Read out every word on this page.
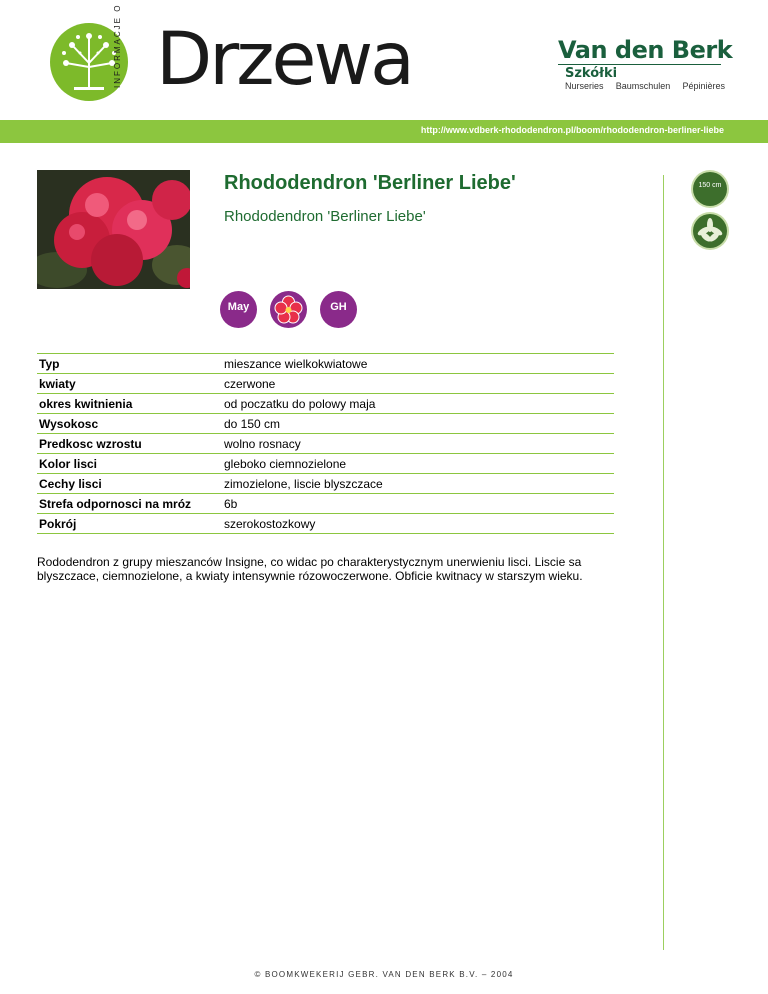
INFORMACJE O Drzewa	Van den Berk
Szkółki
Nurseries Baumschulen Pépinières
http://www.vdberk-rhododendron.pl/boom/rhododendron-berliner-liebe
Rhododendron 'Berliner Liebe'
Rhododendron 'Berliner Liebe'
May	GH
150 cm
Typ	mieszance wielkokwiatowe
kwiaty	czerwone
okres kwitnienia	od poczatku do polowy maja
Wysokosc	do 150 cm
Predkosc wzrostu	wolno rosnacy
Kolor lisci	gleboko ciemnozielone
Cechy lisci	zimozielone, liscie blyszczace
Strefa odpornosci na mróz	6b
Pokrój	szerokostozkowy
Rododendron z grupy mieszanców Insigne, co widac po charakterystycznym unerwieniu lisci. Liscie sa blyszczace, ciemnozielone, a kwiaty intensywnie rózowoczerwone. Obficie kwitnacy w starszym wieku.
© BOOMKWEKERIJ GEBR. VAN DEN BERK B.V. – 2004
